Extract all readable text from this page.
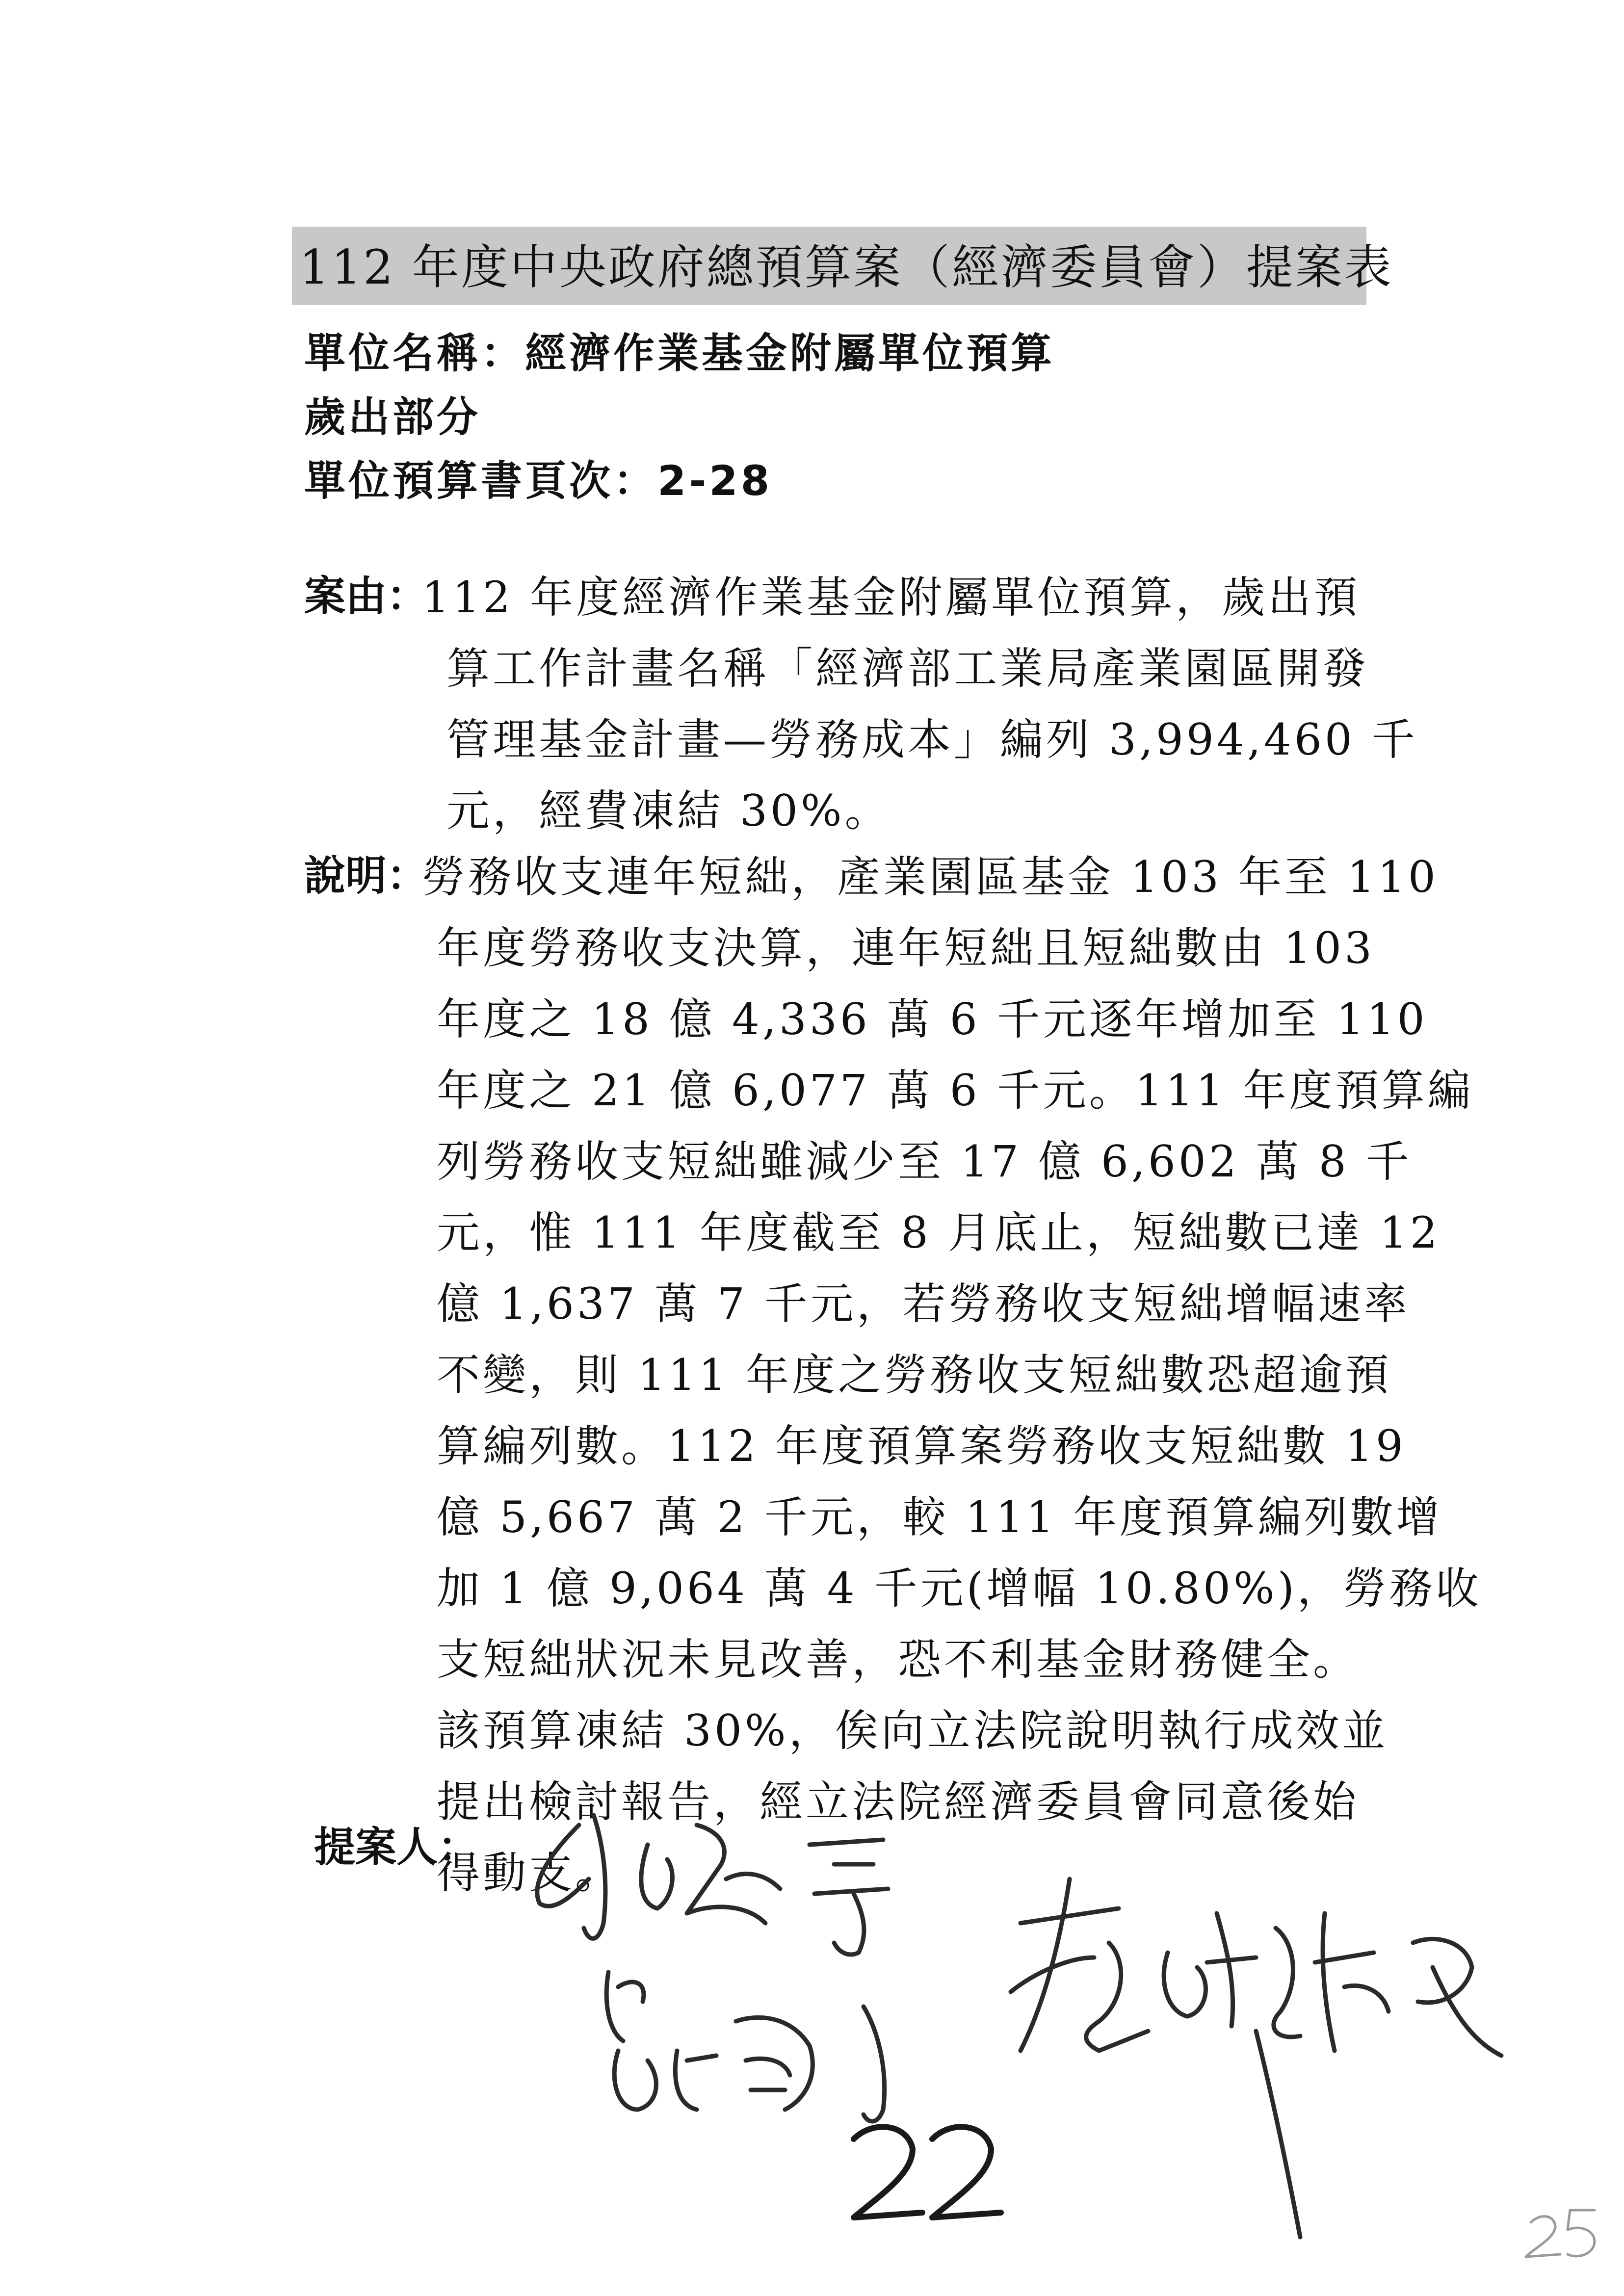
112 年度中央政府總預算案（經濟委員會）提案表
單位名稱：經濟作業基金附屬單位預算
歲出部分
單位預算書頁次：2-28
案由：
112 年度經濟作業基金附屬單位預算，歲出預
算工作計畫名稱「經濟部工業局產業園區開發
管理基金計畫—勞務成本」編列 3,994,460 千
元，經費凍結 30%。
說明：
勞務收支連年短絀，產業園區基金 103 年至 110
年度勞務收支決算，連年短絀且短絀數由 103
年度之 18 億 4,336 萬 6 千元逐年增加至 110
年度之 21 億 6,077 萬 6 千元。111 年度預算編
列勞務收支短絀雖減少至 17 億 6,602 萬 8 千
元，惟 111 年度截至 8 月底止，短絀數已達 12
億 1,637 萬 7 千元，若勞務收支短絀增幅速率
不變，則 111 年度之勞務收支短絀數恐超逾預
算編列數。112 年度預算案勞務收支短絀數 19
億 5,667 萬 2 千元，較 111 年度預算編列數增
加 1 億 9,064 萬 4 千元(增幅 10.80%)，勞務收
支短絀狀況未見改善，恐不利基金財務健全。
該預算凍結 30%，俟向立法院說明執行成效並
提出檢討報告，經立法院經濟委員會同意後始
得動支。
提案人：
